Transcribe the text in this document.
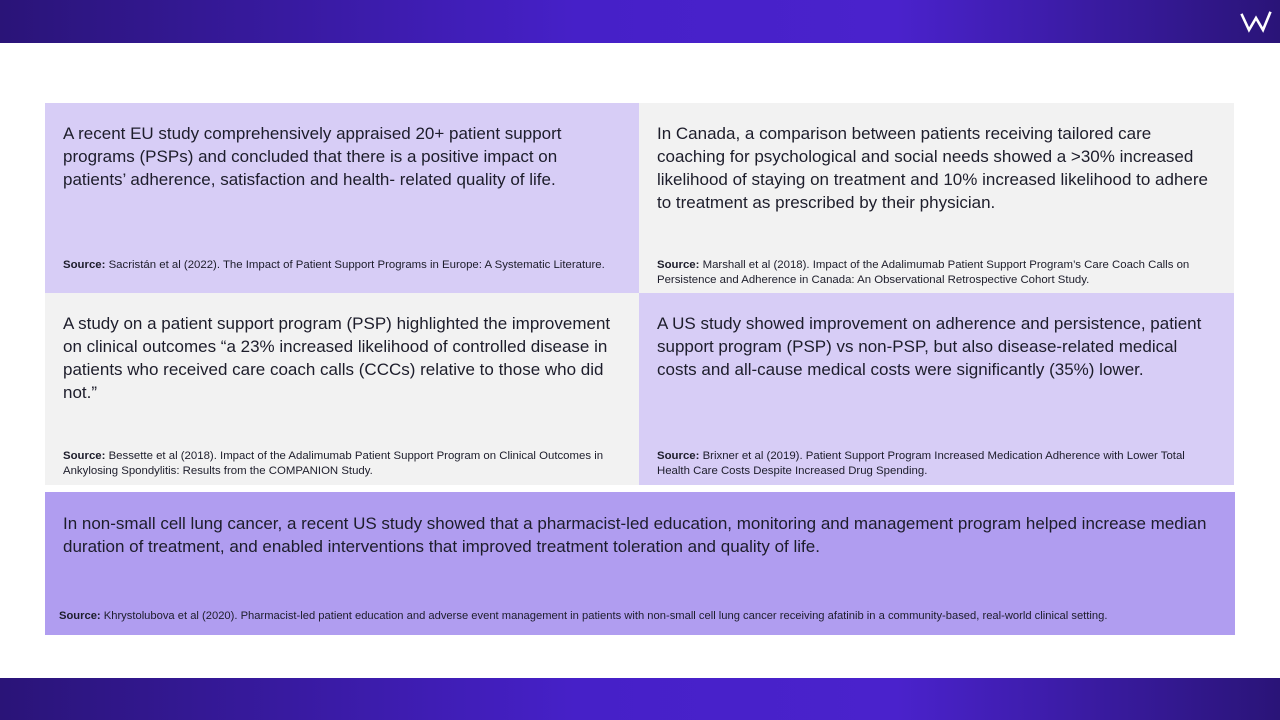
A recent EU study comprehensively appraised 20+ patient support programs (PSPs) and concluded that there is a positive impact on patients’ adherence, satisfaction and health- related quality of life.
Source: Sacristán et al (2022). The Impact of Patient Support Programs in Europe: A Systematic Literature.
In Canada, a comparison between patients receiving tailored care coaching for psychological and social needs showed a >30% increased likelihood of staying on treatment and 10% increased likelihood to adhere to treatment as prescribed by their physician.
Source: Marshall et al (2018). Impact of the Adalimumab Patient Support Program’s Care Coach Calls on Persistence and Adherence in Canada: An Observational Retrospective Cohort Study.
A study on a patient support program (PSP) highlighted the improvement on clinical outcomes “a 23% increased likelihood of controlled disease in patients who received care coach calls (CCCs) relative to those who did not.”
Source: Bessette et al (2018). Impact of the Adalimumab Patient Support Program on Clinical Outcomes in Ankylosing Spondylitis: Results from the COMPANION Study.
A US study showed improvement on adherence and persistence, patient support program (PSP) vs non-PSP, but also disease-related medical costs and all-cause medical costs were significantly (35%) lower.
Source: Brixner et al (2019). Patient Support Program Increased Medication Adherence with Lower Total Health Care Costs Despite Increased Drug Spending.
In non-small cell lung cancer, a recent US study showed that a pharmacist-led education, monitoring and management program helped increase median duration of treatment, and enabled interventions that improved treatment toleration and quality of life.
Source: Khrystolubova et al (2020). Pharmacist-led patient education and adverse event management in patients with non-small cell lung cancer receiving afatinib in a community-based, real-world clinical setting.
